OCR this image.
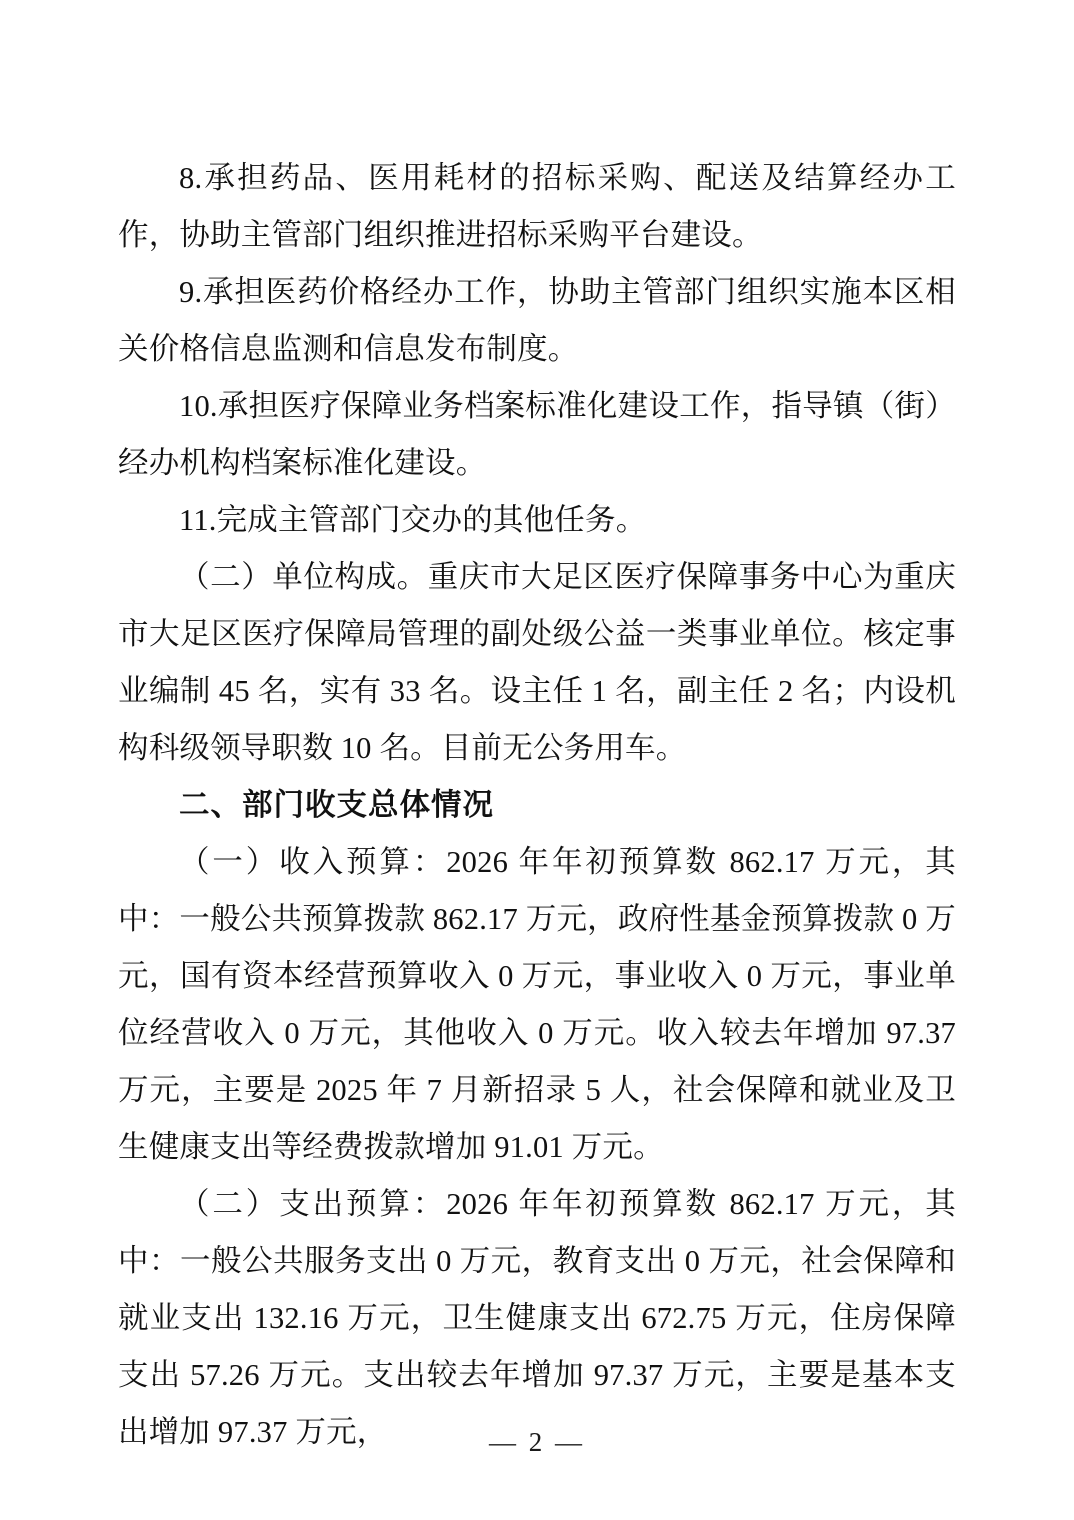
8.承担药品、医用耗材的招标采购、配送及结算经办工作，协助主管部门组织推进招标采购平台建设。

9.承担医药价格经办工作，协助主管部门组织实施本区相关价格信息监测和信息发布制度。

10.承担医疗保障业务档案标准化建设工作，指导镇（街）经办机构档案标准化建设。

11.完成主管部门交办的其他任务。

（二）单位构成。重庆市大足区医疗保障事务中心为重庆市大足区医疗保障局管理的副处级公益一类事业单位。核定事业编制 45 名，实有 33 名。设主任 1 名，副主任 2 名；内设机构科级领导职数 10 名。目前无公务用车。

二、部门收支总体情况

（一）收入预算：2026 年年初预算数 862.17 万元，其中：一般公共预算拨款 862.17 万元，政府性基金预算拨款 0 万元，国有资本经营预算收入 0 万元，事业收入 0 万元，事业单位经营收入 0 万元，其他收入 0 万元。收入较去年增加 97.37 万元，主要是 2025 年 7 月新招录 5 人，社会保障和就业及卫生健康支出等经费拨款增加 91.01 万元。

（二）支出预算：2026 年年初预算数 862.17 万元，其中：一般公共服务支出 0 万元，教育支出 0 万元，社会保障和就业支出 132.16 万元，卫生健康支出 672.75 万元，住房保障支出 57.26 万元。支出较去年增加 97.37 万元，主要是基本支出增加 97.37 万元，	— 2 —
